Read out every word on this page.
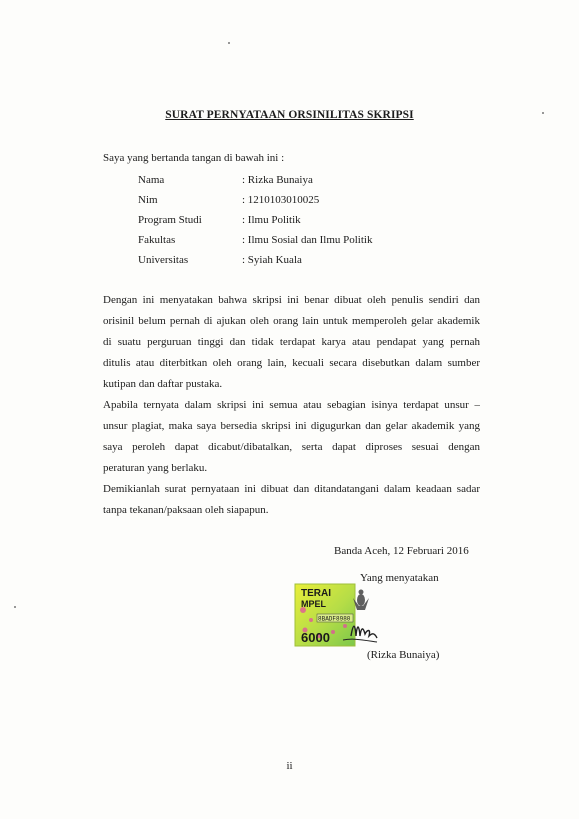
SURAT PERNYATAAN ORSINILITAS SKRIPSI
Saya yang bertanda tangan di bawah ini :
Nama	: Rizka Bunaiya
Nim	: 1210103010025
Program Studi	: Ilmu Politik
Fakultas	: Ilmu Sosial dan Ilmu Politik
Universitas	: Syiah Kuala
Dengan ini menyatakan bahwa skripsi ini benar dibuat oleh penulis sendiri dan
orisinil belum pernah di ajukan oleh orang lain untuk memperoleh gelar akademik
di suatu perguruan tinggi dan tidak terdapat karya atau pendapat yang pernah
ditulis atau diterbitkan oleh orang lain, kecuali secara disebutkan dalam sumber
kutipan dan daftar pustaka.
Apabila ternyata dalam skripsi ini semua atau sebagian isinya terdapat unsur –
unsur plagiat, maka saya bersedia skripsi ini digugurkan dan gelar akademik yang
saya peroleh dapat dicabut/dibatalkan, serta dapat diproses sesuai dengan
peraturan yang berlaku.
Demikianlah surat pernyataan ini dibuat dan ditandatangani dalam keadaan sadar
tanpa tekanan/paksaan oleh siapapun.
Banda Aceh, 12 Februari 2016
Yang menyatakan
TERAI
MPEL
8BADF8980
6000
(Rizka Bunaiya)
ii
